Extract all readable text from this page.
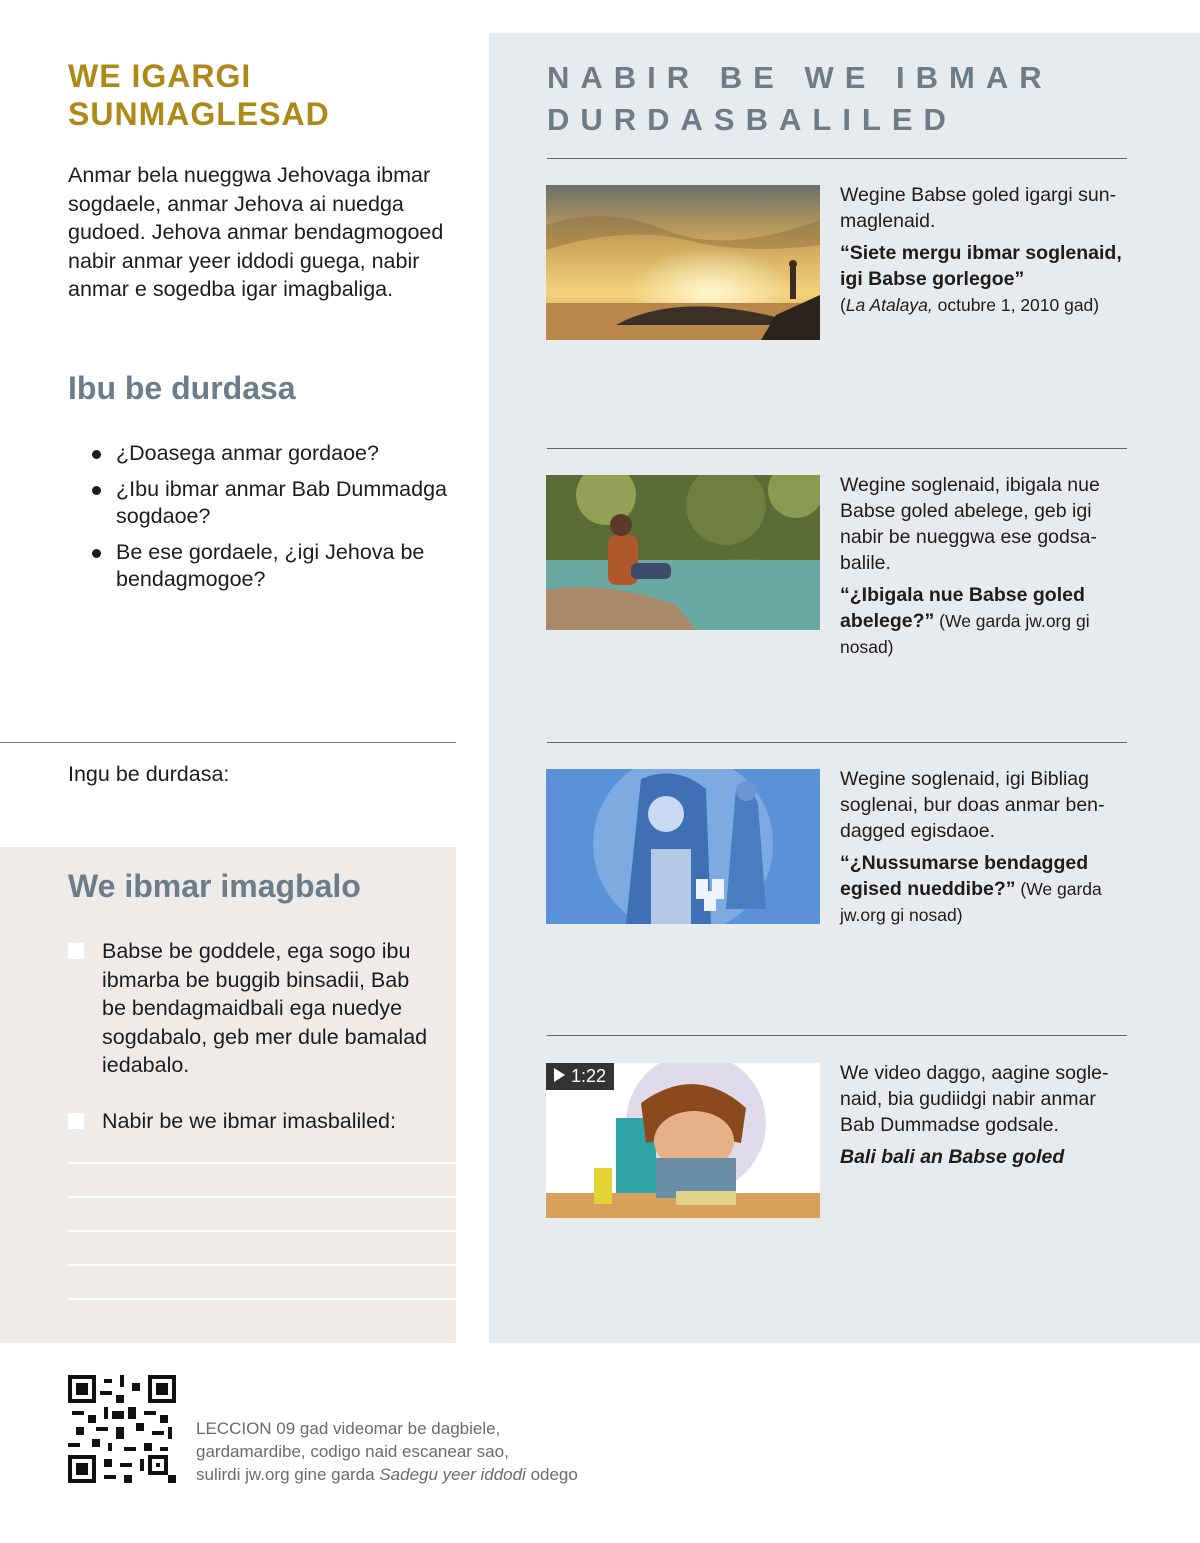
WE IGARGI
SUNMAGLESAD

Anmar bela nueggwa Jehovaga ibmar sogdaele, anmar Jehova ai nuedga gudoed. Jehova anmar bendagmogoed nabir anmar yeer iddodi guega, nabir anmar e sogedba igar imagbaliga.

Ibu be durdasa
¿Doasega anmar gordaoe?
¿Ibu ibmar anmar Bab Dummadga sogdaoe?
Be ese gordaele, ¿igi Jehova be bendagmogoe?
Ingu be durdasa:
We ibmar imagbalo
Babse be goddele, ega sogo ibu ibmarba be buggib binsadii, Bab be bendagmaidbali ega nuedye sogdabalo, geb mer dule bamalad iedabalo.
Nabir be we ibmar imasbaliled:
NABIR BE WE IBMAR
DURDASBALILED

Wegine Babse goled igargi sunmaglenaid.

“Siete mergu ibmar soglenaid, igi Babse gorlegoe”

(La Atalaya, octubre 1, 2010 gad)

Wegine soglenaid, ibigala nue Babse goled abelege, geb igi nabir be nueggwa ese godsabalile.

“¿Ibigala nue Babse goled abelege?” (We garda jw.org gi nosad)

Wegine soglenaid, igi Bibliag soglenai, bur doas anmar bendagged egisdaoe.

“¿Nussumarse bendagged egised nueddibe?” (We garda jw.org gi nosad)

1:22	We video daggo, aagine soglenaid, bia gudiidgi nabir anmar Bab Dummadse godsale.

Bali bali an Babse goled

LECCION 09 gad videomar be dagbiele,
gardamardibe, codigo naid escanear sao,
sulirdi jw.org gine garda Sadegu yeer iddodi odego
